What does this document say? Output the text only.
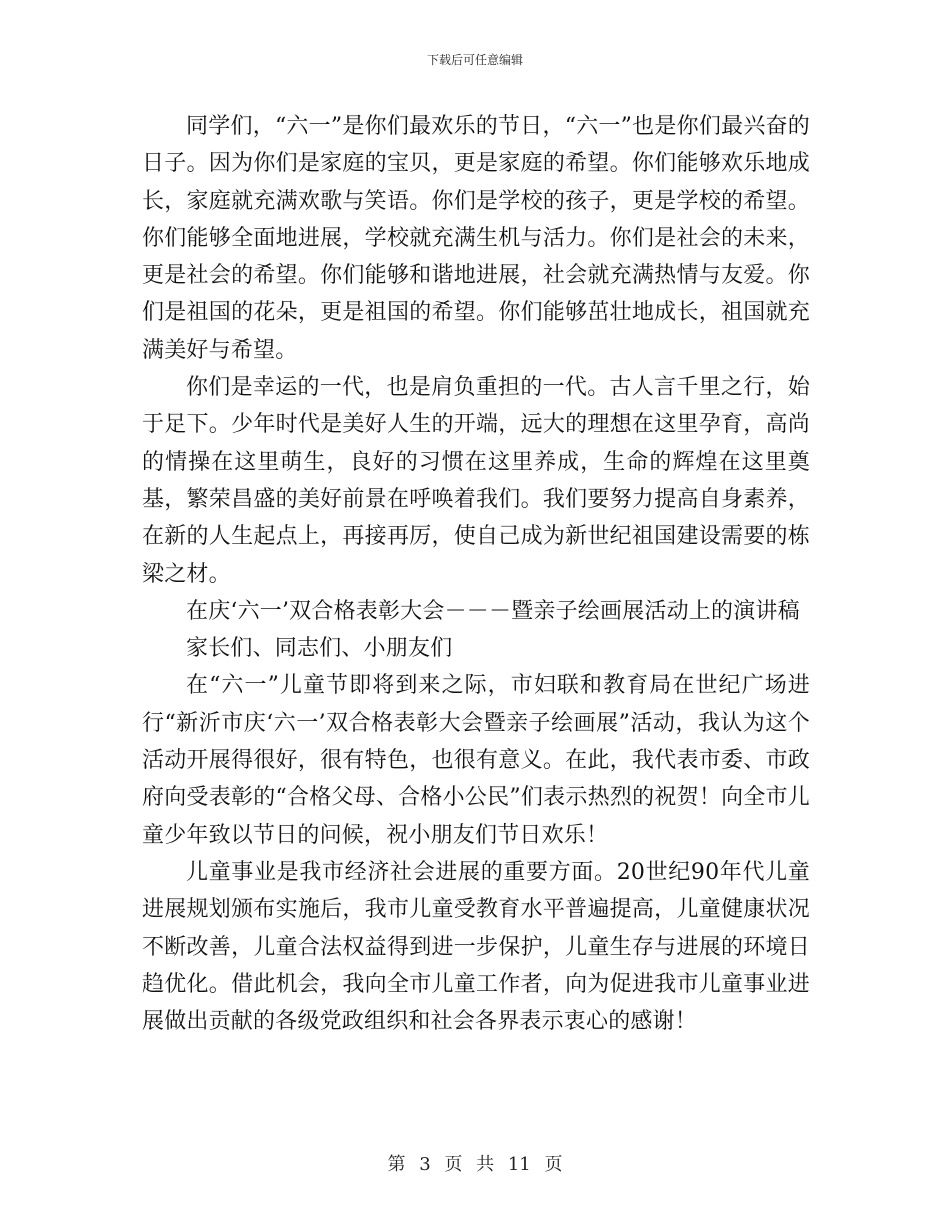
下载后可任意编辑

同学们，“六一”是你们最欢乐的节日，“六一”也是你们最兴奋的日子。因为你们是家庭的宝贝，更是家庭的希望。你们能够欢乐地成长，家庭就充满欢歌与笑语。你们是学校的孩子，更是学校的希望。你们能够全面地进展，学校就充满生机与活力。你们是社会的未来，更是社会的希望。你们能够和谐地进展，社会就充满热情与友爱。你们是祖国的花朵，更是祖国的希望。你们能够茁壮地成长，祖国就充满美好与希望。

你们是幸运的一代，也是肩负重担的一代。古人言千里之行，始于足下。少年时代是美好人生的开端，远大的理想在这里孕育，高尚的情操在这里萌生，良好的习惯在这里养成，生命的辉煌在这里奠基，繁荣昌盛的美好前景在呼唤着我们。我们要努力提高自身素养，在新的人生起点上，再接再厉，使自己成为新世纪祖国建设需要的栋梁之材。

在庆‘六一’双合格表彰大会－－－暨亲子绘画展活动上的演讲稿

家长们、同志们、小朋友们

在“六一”儿童节即将到来之际，市妇联和教育局在世纪广场进行“新沂市庆‘六一’双合格表彰大会暨亲子绘画展”活动，我认为这个活动开展得很好，很有特色，也很有意义。在此，我代表市委、市政府向受表彰的“合格父母、合格小公民”们表示热烈的祝贺！向全市儿童少年致以节日的问候，祝小朋友们节日欢乐！

儿童事业是我市经济社会进展的重要方面。20世纪90年代儿童进展规划颁布实施后，我市儿童受教育水平普遍提高，儿童健康状况不断改善，儿童合法权益得到进一步保护，儿童生存与进展的环境日趋优化。借此机会，我向全市儿童工作者，向为促进我市儿童事业进展做出贡献的各级党政组织和社会各界表示衷心的感谢！

第 3 页 共 11 页
